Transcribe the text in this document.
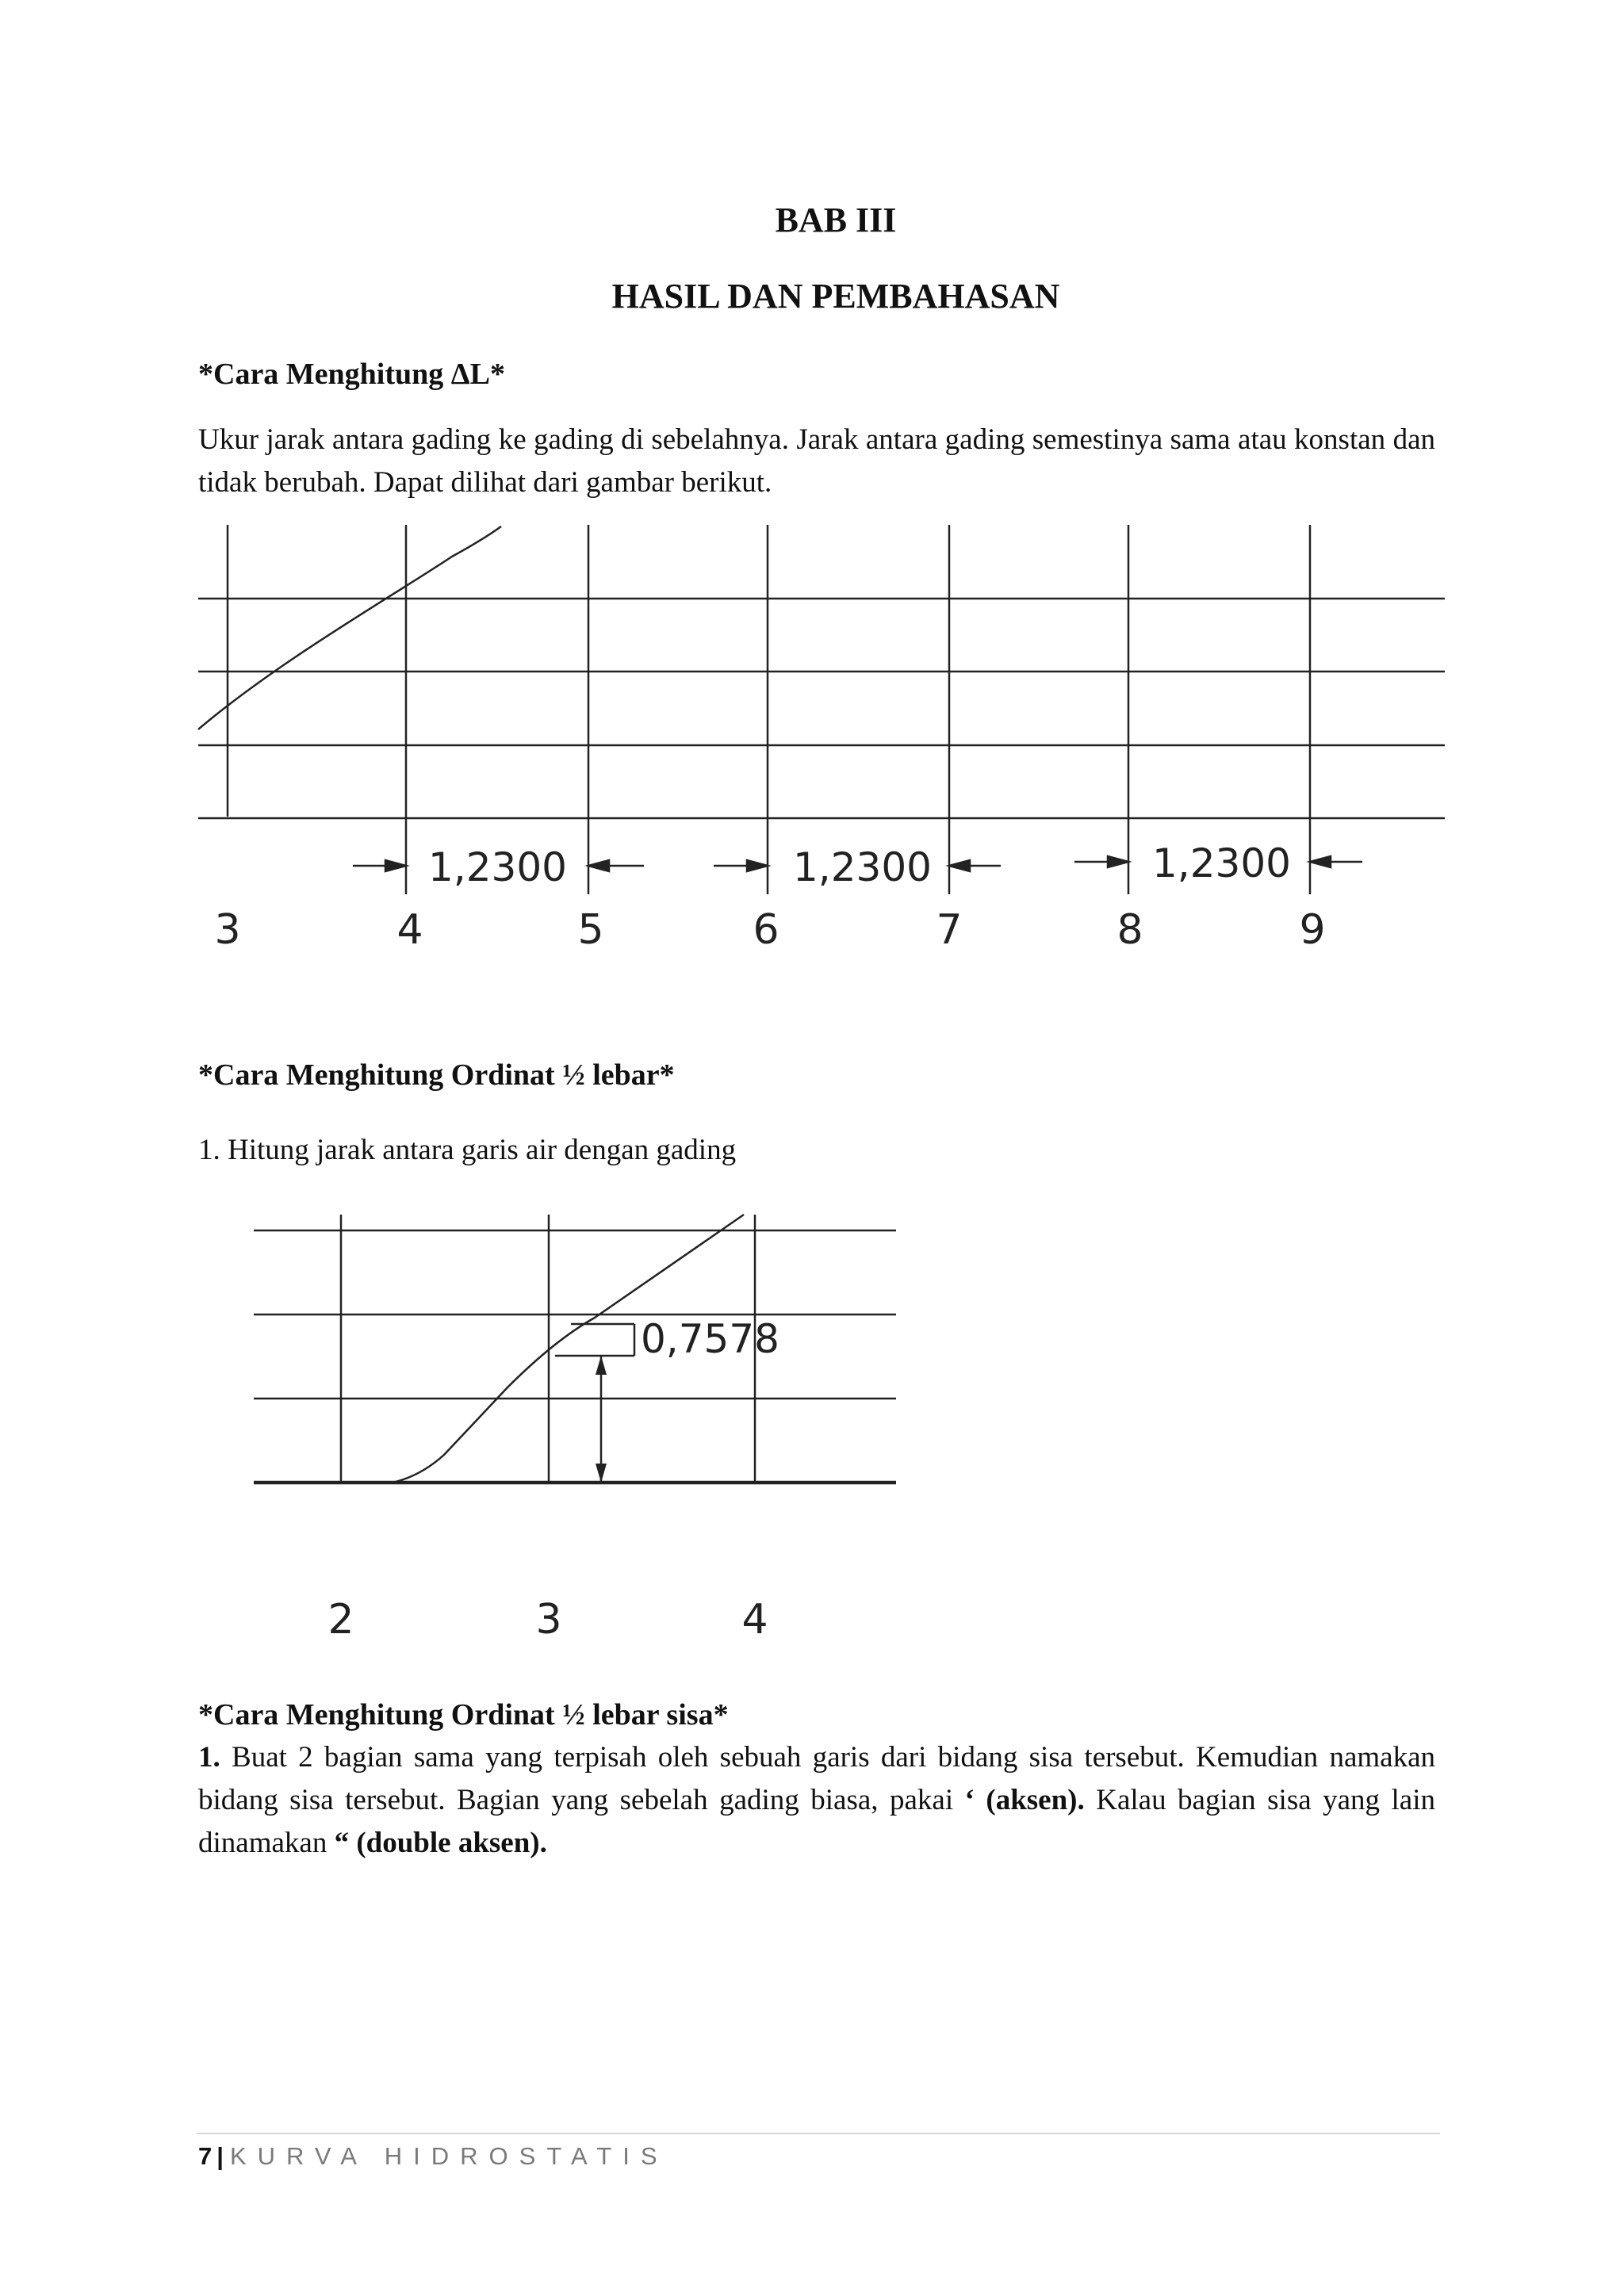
BAB III
HASIL DAN PEMBAHASAN
*Cara Menghitung ΔL*
Ukur jarak antara gading ke gading di sebelahnya. Jarak antara gading semestinya sama atau konstan dan tidak berubah. Dapat dilihat dari gambar berikut.
1,2300	1,2300	1,2300
3	4	5	6	7	8	9
*Cara Menghitung Ordinat ½ lebar*
1. Hitung jarak antara garis air dengan gading
0,7578
2	3	4
*Cara Menghitung Ordinat ½ lebar sisa*
1. Buat 2 bagian sama yang terpisah oleh sebuah garis dari bidang sisa tersebut. Kemudian namakan bidang sisa tersebut. Bagian yang sebelah gading biasa, pakai ‘ (aksen). Kalau bagian sisa yang lain dinamakan “ (double aksen).
7 | KURVA HIDROSTATIS
